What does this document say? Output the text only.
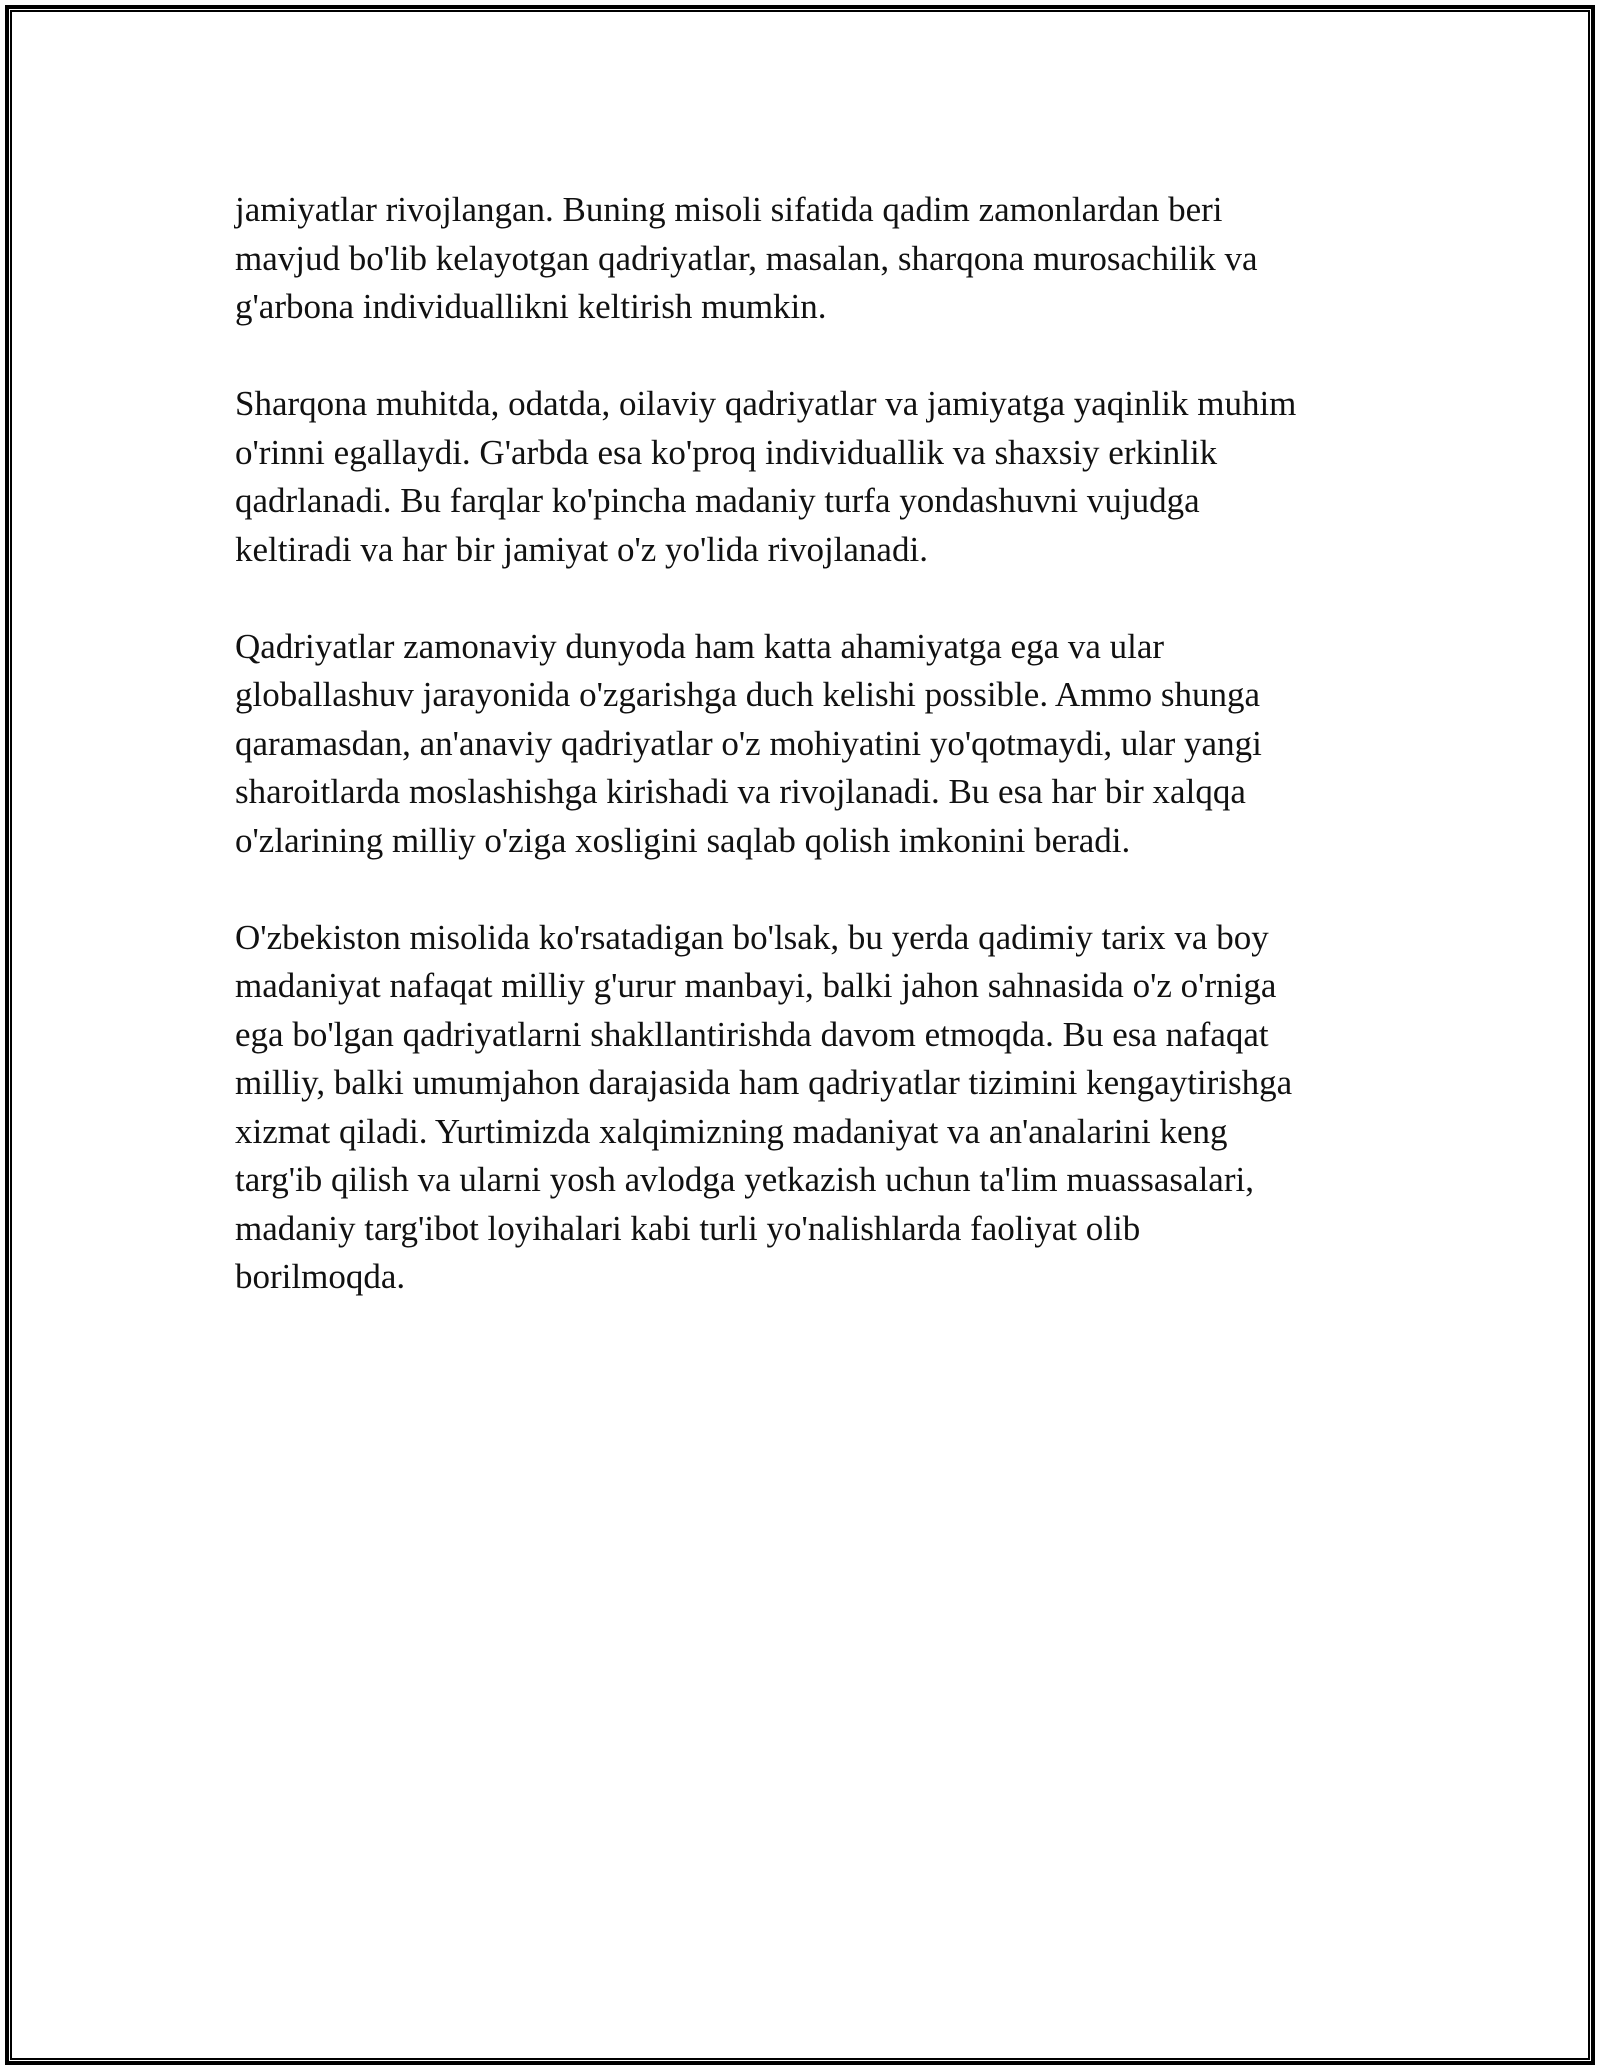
jamiyatlar rivojlangan. Buning misoli sifatida qadim zamonlardan beri
mavjud bo'lib kelayotgan qadriyatlar, masalan, sharqona murosachilik va
g'arbona individuallikni keltirish mumkin.

Sharqona muhitda, odatda, oilaviy qadriyatlar va jamiyatga yaqinlik muhim
o'rinni egallaydi. G'arbda esa ko'proq individuallik va shaxsiy erkinlik
qadrlanadi. Bu farqlar ko'pincha madaniy turfa yondashuvni vujudga
keltiradi va har bir jamiyat o'z yo'lida rivojlanadi.

Qadriyatlar zamonaviy dunyoda ham katta ahamiyatga ega va ular
globallashuv jarayonida o'zgarishga duch kelishi possible. Ammo shunga
qaramasdan, an'anaviy qadriyatlar o'z mohiyatini yo'qotmaydi, ular yangi
sharoitlarda moslashishga kirishadi va rivojlanadi. Bu esa har bir xalqqa
o'zlarining milliy o'ziga xosligini saqlab qolish imkonini beradi.

O'zbekiston misolida ko'rsatadigan bo'lsak, bu yerda qadimiy tarix va boy
madaniyat nafaqat milliy g'urur manbayi, balki jahon sahnasida o'z o'rniga
ega bo'lgan qadriyatlarni shakllantirishda davom etmoqda. Bu esa nafaqat
milliy, balki umumjahon darajasida ham qadriyatlar tizimini kengaytirishga
xizmat qiladi. Yurtimizda xalqimizning madaniyat va an'analarini keng
targ'ib qilish va ularni yosh avlodga yetkazish uchun ta'lim muassasalari,
madaniy targ'ibot loyihalari kabi turli yo'nalishlarda faoliyat olib
borilmoqda.
